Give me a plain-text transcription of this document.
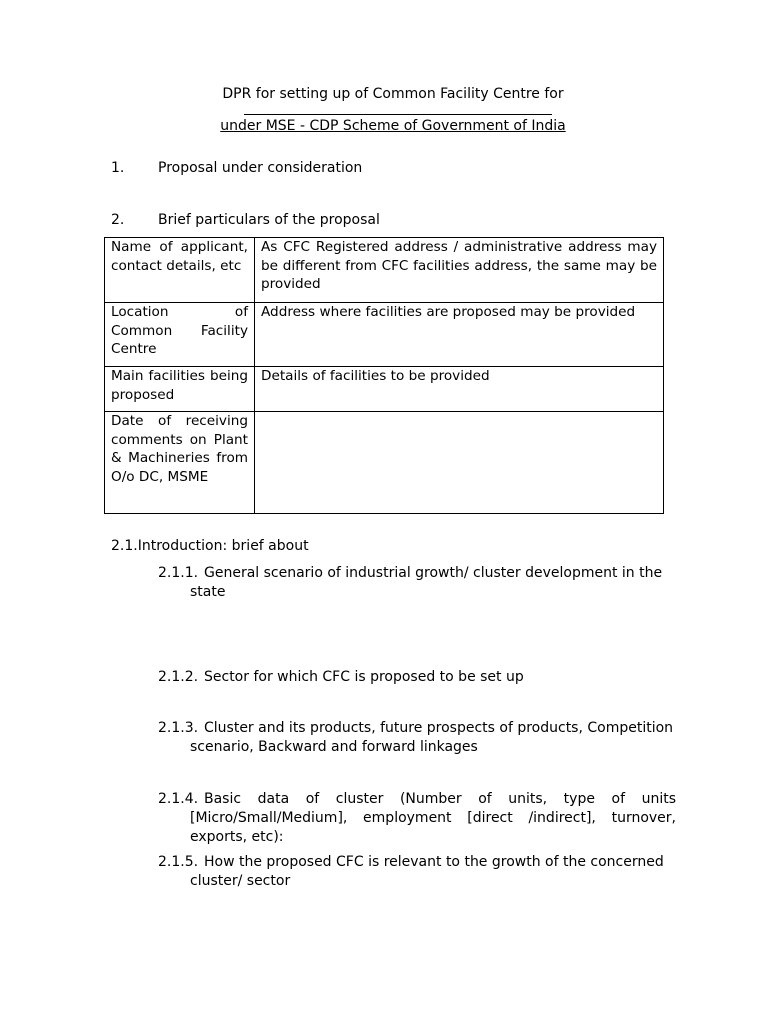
DPR for setting up of Common Facility Centre for
under MSE - CDP Scheme of Government of India
1. Proposal under consideration
2. Brief particulars of the proposal
Name of applicant, contact details, etc	As CFC Registered address / administrative address may be different from CFC facilities address, the same may be provided
Location of Common Facility Centre	Address where facilities are proposed may be provided
Main facilities being proposed	Details of facilities to be provided
Date of receiving comments on Plant & Machineries from O/o DC, MSME	
2.1.Introduction: brief about
2.1.1. General scenario of industrial growth/ cluster development in the
state
2.1.2. Sector for which CFC is proposed to be set up
2.1.3. Cluster and its products, future prospects of products, Competition
scenario, Backward and forward linkages
2.1.4. Basic data of cluster (Number of units, type of units
[Micro/Small/Medium], employment [direct /indirect], turnover, exports, etc):
2.1.5. How the proposed CFC is relevant to the growth of the concerned
cluster/ sector
